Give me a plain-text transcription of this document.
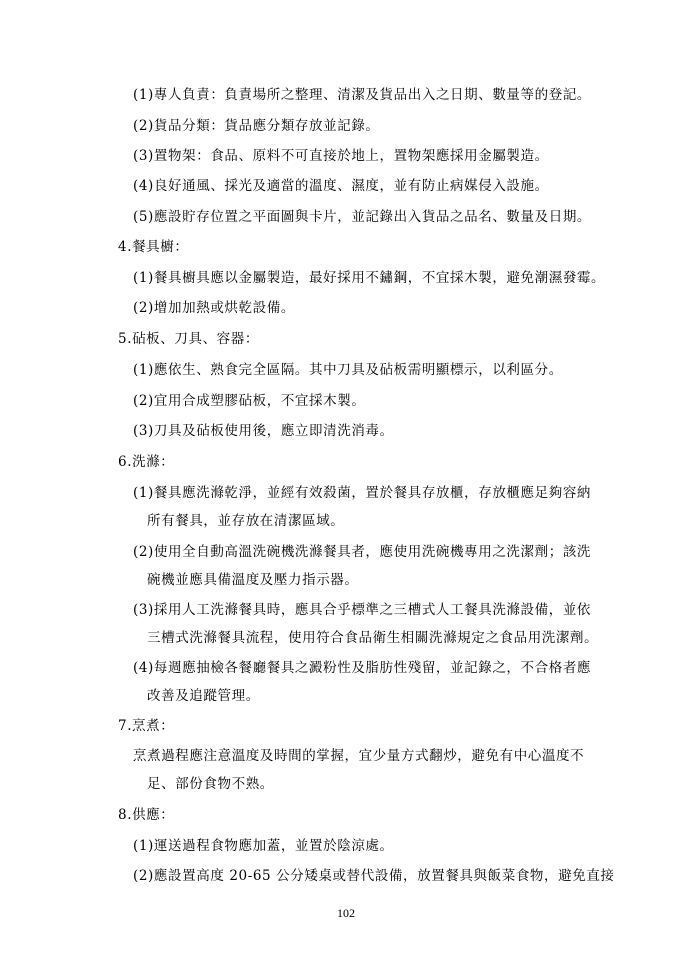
(1)專人負責：負責場所之整理、清潔及貨品出入之日期、數量等的登記。
(2)貨品分類：貨品應分類存放並記錄。
(3)置物架：食品、原料不可直接於地上，置物架應採用金屬製造。
(4)良好通風、採光及適當的溫度、濕度，並有防止病媒侵入設施。
(5)應設貯存位置之平面圖與卡片，並記錄出入貨品之品名、數量及日期。
4.餐具櫥：
(1)餐具櫥具應以金屬製造，最好採用不鏽鋼，不宜採木製，避免潮濕發霉。
(2)增加加熱或烘乾設備。
5.砧板、刀具、容器：
(1)應依生、熟食完全區隔。其中刀具及砧板需明顯標示，以利區分。
(2)宜用合成塑膠砧板，不宜採木製。
(3)刀具及砧板使用後，應立即清洗消毒。
6.洗滌：
(1)餐具應洗滌乾淨，並經有效殺菌，置於餐具存放櫃，存放櫃應足夠容納
所有餐具，並存放在清潔區域。
(2)使用全自動高溫洗碗機洗滌餐具者，應使用洗碗機專用之洗潔劑；該洗
碗機並應具備溫度及壓力指示器。
(3)採用人工洗滌餐具時，應具合乎標準之三槽式人工餐具洗滌設備，並依
三槽式洗滌餐具流程，使用符合食品衛生相關洗滌規定之食品用洗潔劑。
(4)每週應抽檢各餐廳餐具之澱粉性及脂肪性殘留，並記錄之，不合格者應
改善及追蹤管理。
7.烹煮：
烹煮過程應注意溫度及時間的掌握，宜少量方式翻炒，避免有中心溫度不
足、部份食物不熟。
8.供應：
(1)運送過程食物應加蓋，並置於陰涼處。
(2)應設置高度 20-65 公分矮桌或替代設備，放置餐具與飯菜食物，避免直接
102
